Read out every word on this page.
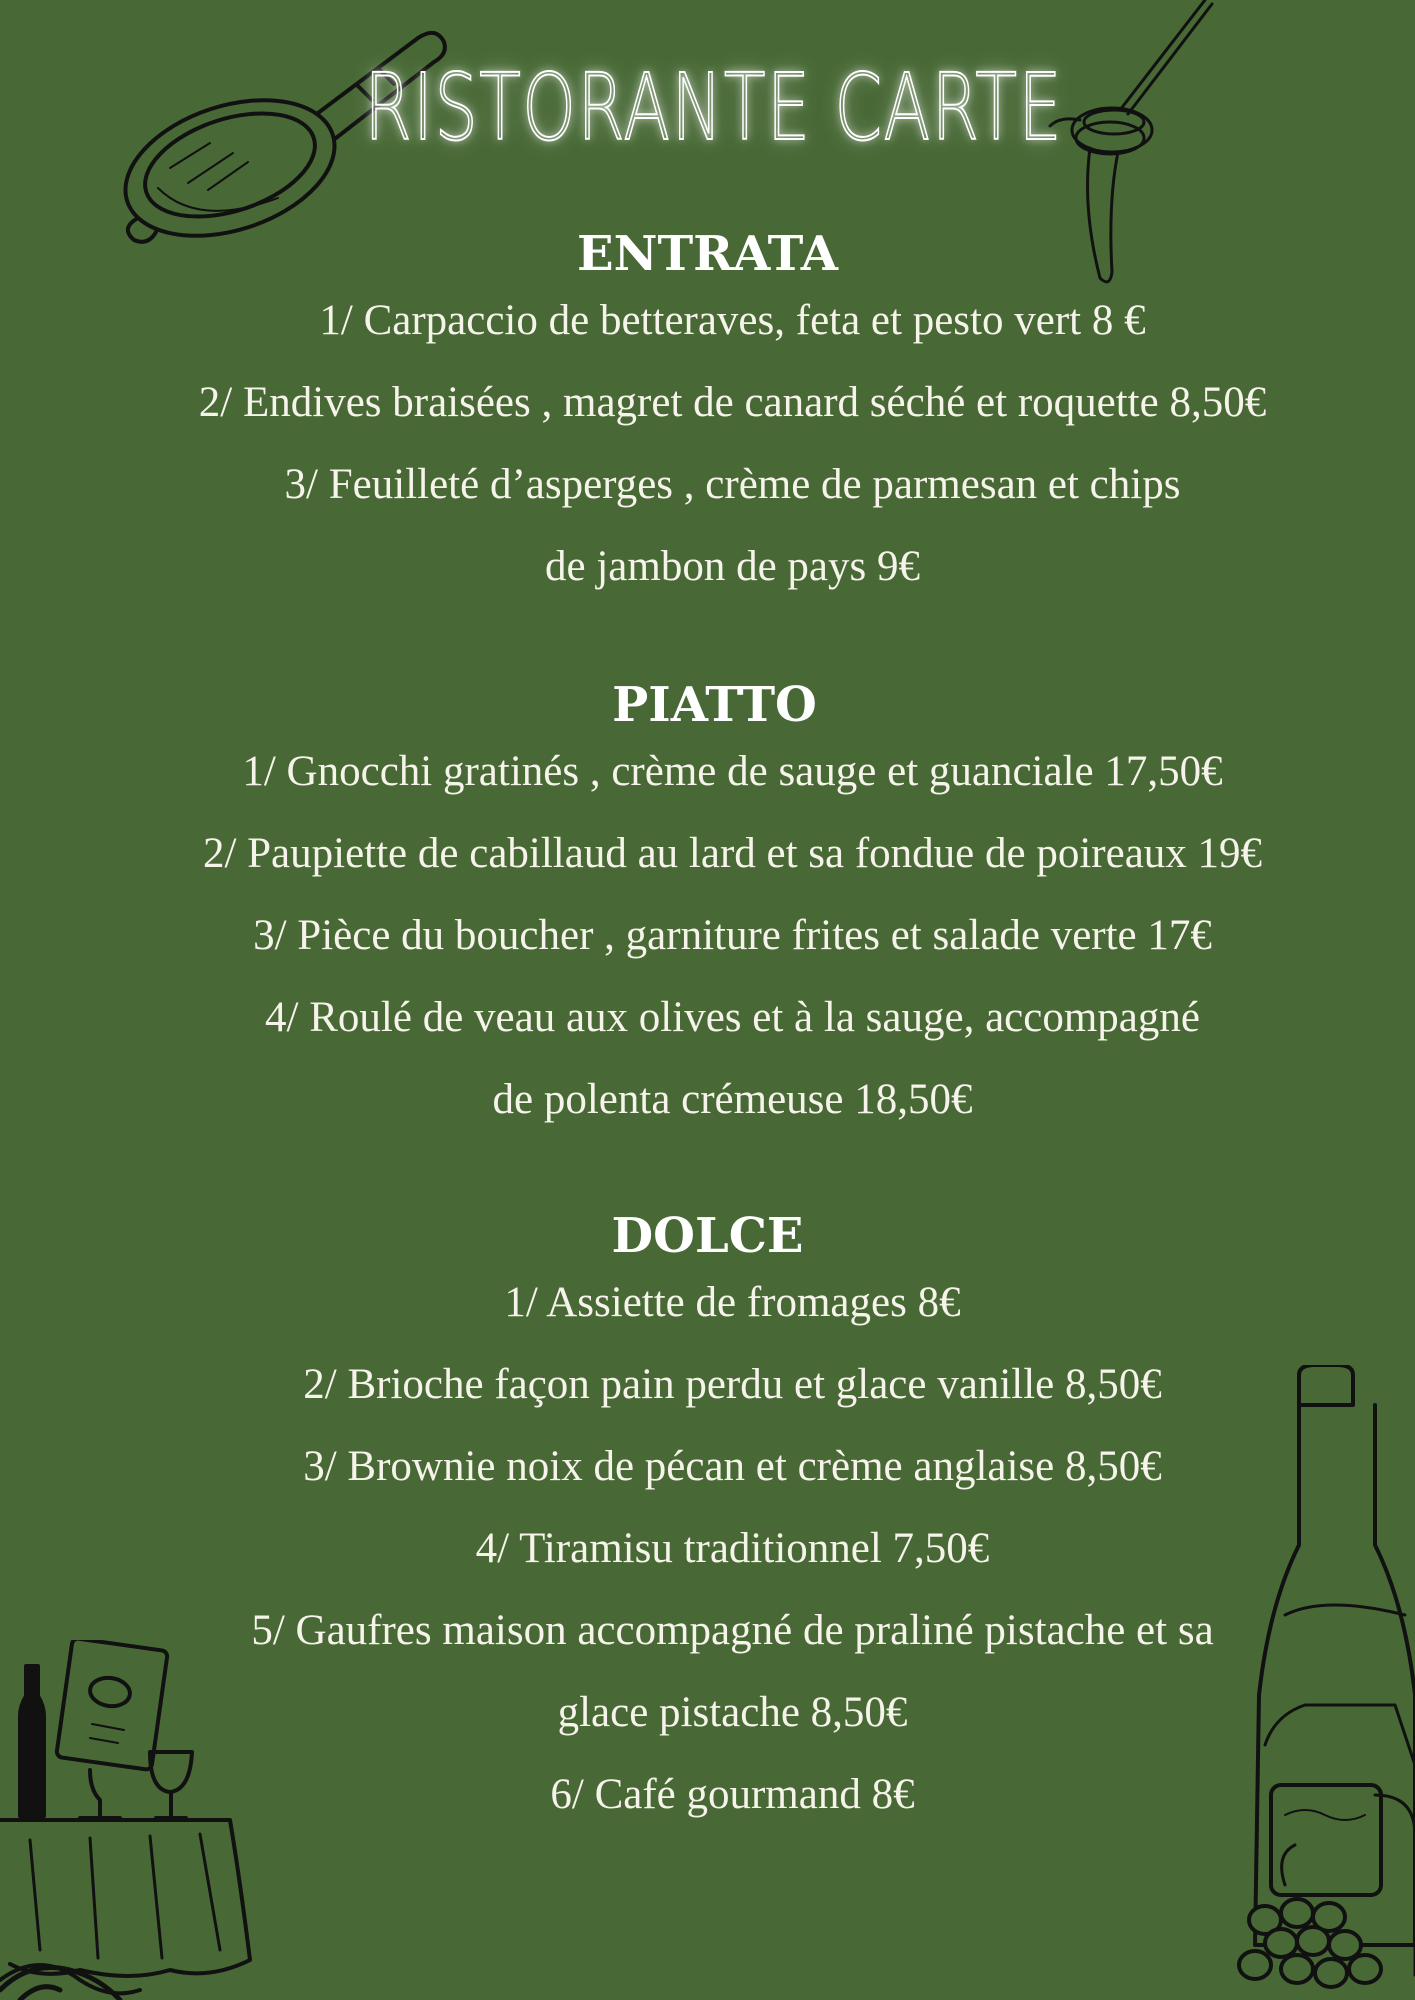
RISTORANTE CARTE
ENTRATA
1/ Carpaccio de betteraves, feta et pesto vert 8 €
2/ Endives braisées , magret de canard séché et roquette 8,50€
3/ Feuilleté d’asperges , crème de parmesan et chips
de jambon de pays 9€
PIATTO
1/ Gnocchi gratinés , crème de sauge et guanciale 17,50€
2/ Paupiette de cabillaud au lard et sa fondue de poireaux 19€
3/ Pièce du boucher , garniture frites et salade verte 17€
4/ Roulé de veau aux olives et à la sauge, accompagné
de polenta crémeuse 18,50€
DOLCE
1/ Assiette de fromages 8€
2/ Brioche façon pain perdu et glace vanille 8,50€
3/ Brownie noix de pécan et crème anglaise 8,50€
4/ Tiramisu traditionnel 7,50€
5/ Gaufres maison accompagné de praliné pistache et sa
glace pistache 8,50€
6/ Café gourmand 8€
